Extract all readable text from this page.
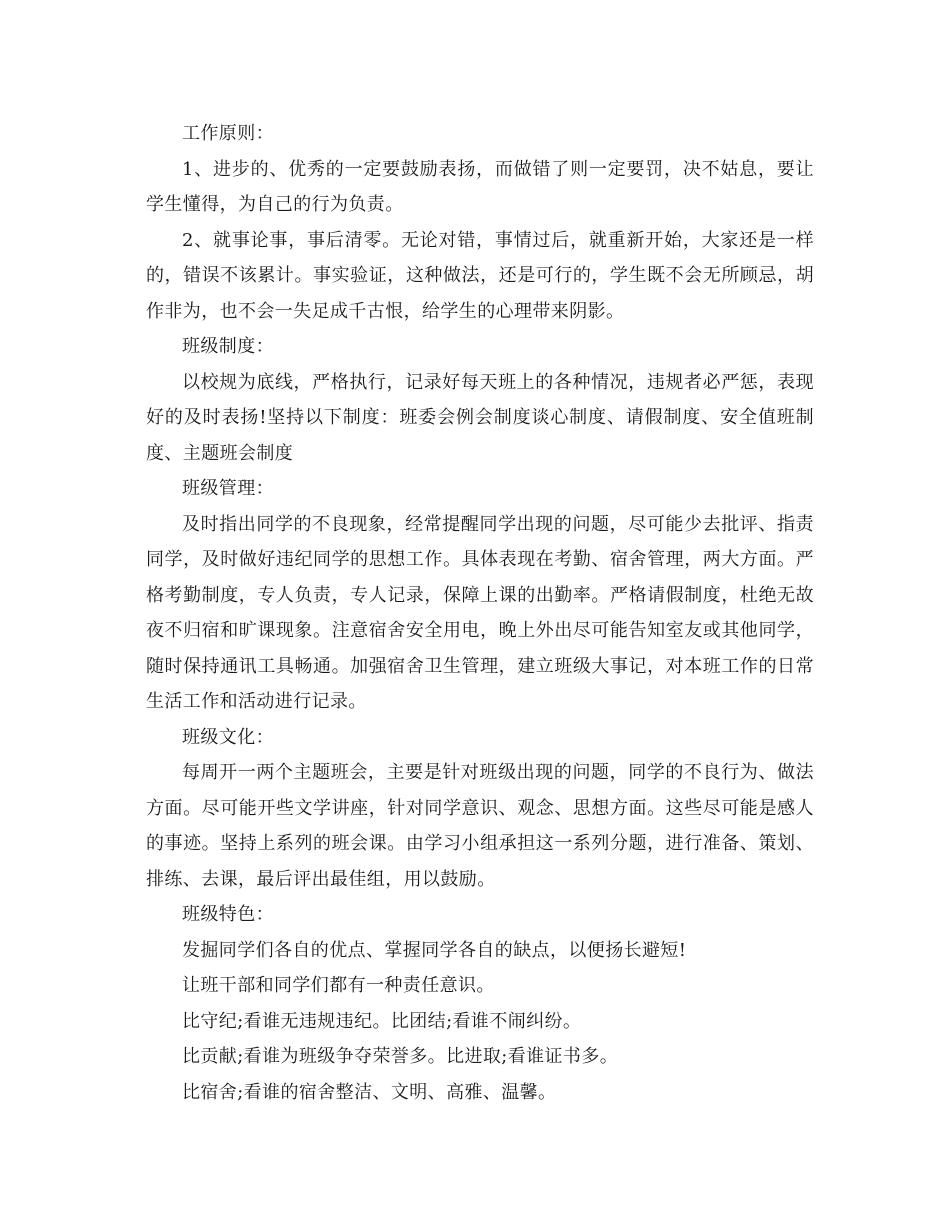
工作原则：

1、进步的、优秀的一定要鼓励表扬，而做错了则一定要罚，决不姑息，要让学生懂得，为自己的行为负责。

2、就事论事，事后清零。无论对错，事情过后，就重新开始，大家还是一样的，错误不该累计。事实验证，这种做法，还是可行的，学生既不会无所顾忌，胡作非为，也不会一失足成千古恨，给学生的心理带来阴影。

班级制度：

以校规为底线，严格执行，记录好每天班上的各种情况，违规者必严惩，表现好的及时表扬!坚持以下制度：班委会例会制度谈心制度、请假制度、安全值班制度、主题班会制度

班级管理：

及时指出同学的不良现象，经常提醒同学出现的问题，尽可能少去批评、指责同学，及时做好违纪同学的思想工作。具体表现在考勤、宿舍管理，两大方面。严格考勤制度，专人负责，专人记录，保障上课的出勤率。严格请假制度，杜绝无故夜不归宿和旷课现象。注意宿舍安全用电，晚上外出尽可能告知室友或其他同学，随时保持通讯工具畅通。加强宿舍卫生管理，建立班级大事记，对本班工作的日常生活工作和活动进行记录。

班级文化：

每周开一两个主题班会，主要是针对班级出现的问题，同学的不良行为、做法方面。尽可能开些文学讲座，针对同学意识、观念、思想方面。这些尽可能是感人的事迹。坚持上系列的班会课。由学习小组承担这一系列分题，进行准备、策划、排练、去课，最后评出最佳组，用以鼓励。

班级特色：

发掘同学们各自的优点、掌握同学各自的缺点，以便扬长避短!

让班干部和同学们都有一种责任意识。

比守纪;看谁无违规违纪。比团结;看谁不闹纠纷。

比贡献;看谁为班级争夺荣誉多。比进取;看谁证书多。

比宿舍;看谁的宿舍整洁、文明、高雅、温馨。
